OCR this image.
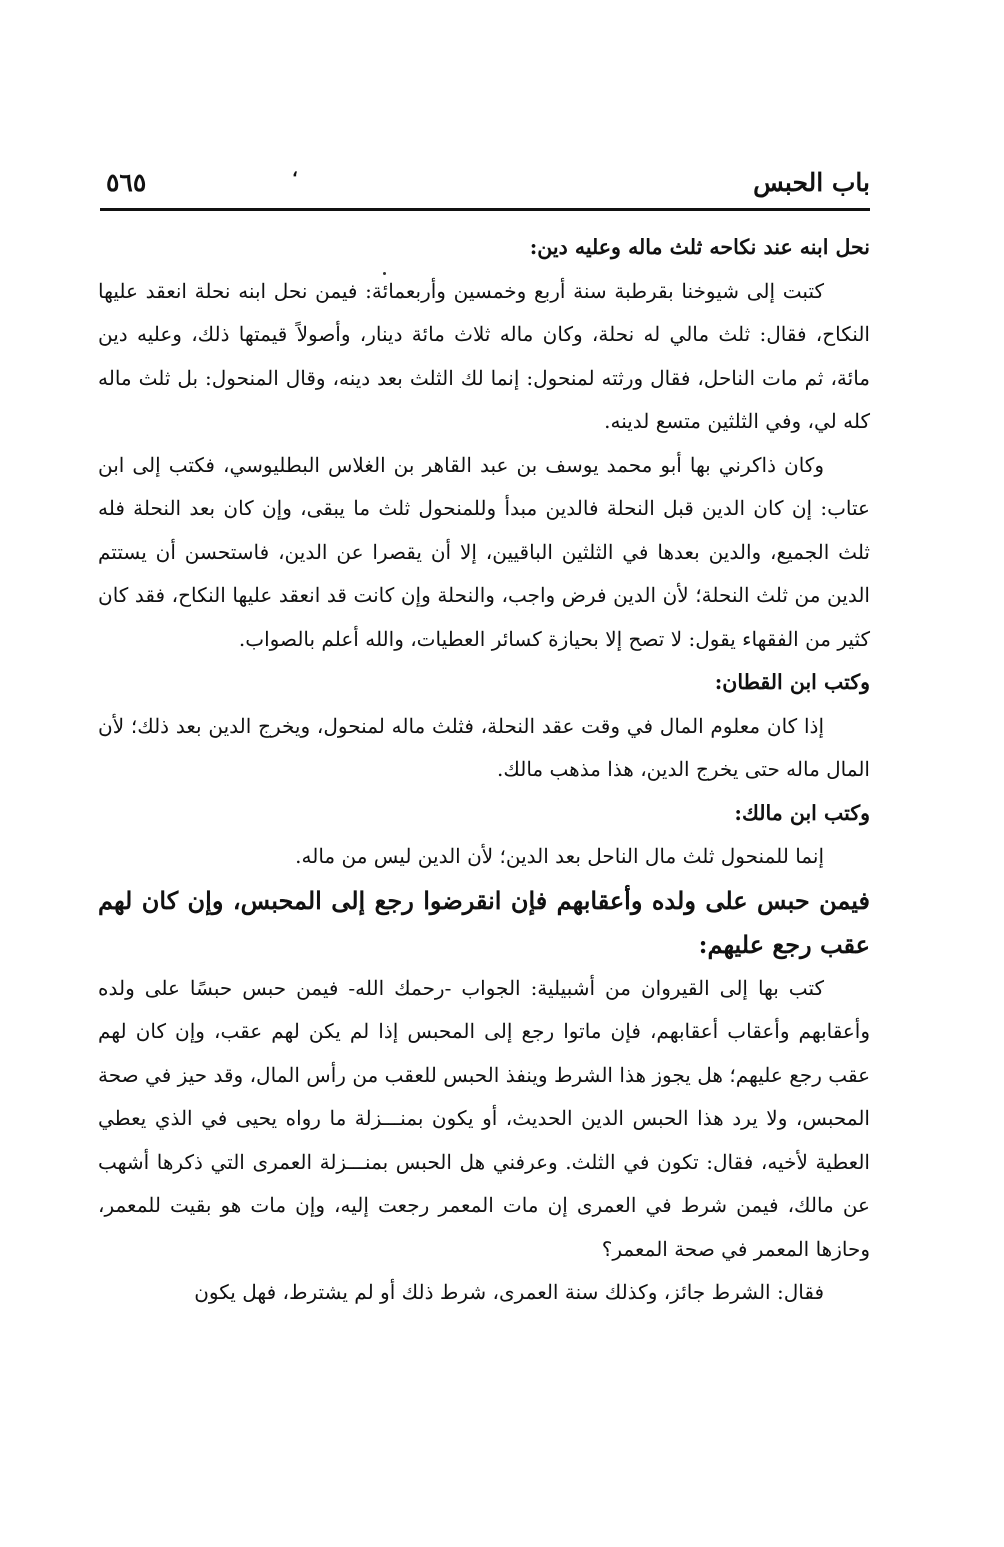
باب الحبس
،
٥٦٥

نحل ابنه عند نكاحه ثلث ماله وعليه دين:

كتبت إلى شيوخنا بقرطبة سنة أربع وخمسين وأربعمائة: فيمن نحل ابنه نحلة انعقد عليها النكاح، فقال: ثلث مالي له نحلة، وكان ماله ثلاث مائة دينار، وأصولاً قيمتها ذلك، وعليه دين مائة، ثم مات الناحل، فقال ورثته لمنحول: إنما لك الثلث بعد دينه، وقال المنحول: بل ثلث ماله كله لي، وفي الثلثين متسع لدينه.

وكان ذاكرني بها أبو محمد يوسف بن عبد القاهر بن الغلاس البطليوسي، فكتب إلى ابن عتاب: إن كان الدين قبل النحلة فالدين مبدأ وللمنحول ثلث ما يبقى، وإن كان بعد النحلة فله ثلث الجميع، والدين بعدها في الثلثين الباقيين، إلا أن يقصرا عن الدين، فاستحسن أن يستتم الدين من ثلث النحلة؛ لأن الدين فرض واجب، والنحلة وإن كانت قد انعقد عليها النكاح، فقد كان كثير من الفقهاء يقول: لا تصح إلا بحيازة كسائر العطيات، والله أعلم بالصواب.

وكتب ابن القطان:

إذا كان معلوم المال في وقت عقد النحلة، فثلث ماله لمنحول، ويخرج الدين بعد ذلك؛ لأن المال ماله حتى يخرج الدين، هذا مذهب مالك.

وكتب ابن مالك:

إنما للمنحول ثلث مال الناحل بعد الدين؛ لأن الدين ليس من ماله.

فيمن حبس على ولده وأعقابهم فإن انقرضوا رجع إلى المحبس، وإن كان لهم عقب رجع عليهم:

كتب بها إلى القيروان من أشبيلية: الجواب -رحمك الله- فيمن حبس حبسًا على ولده وأعقابهم وأعقاب أعقابهم، فإن ماتوا رجع إلى المحبس إذا لم يكن لهم عقب، وإن كان لهم عقب رجع عليهم؛ هل يجوز هذا الشرط وينفذ الحبس للعقب من رأس المال، وقد حيز في صحة المحبس، ولا يرد هذا الحبس الدين الحديث، أو يكون بمنـــزلة ما رواه يحيى في الذي يعطي العطية لأخيه، فقال: تكون في الثلث. وعرفني هل الحبس بمنـــزلة العمرى التي ذكرها أشهب عن مالك، فيمن شرط في العمرى إن مات المعمر رجعت إليه، وإن مات هو بقيت للمعمر، وحازها المعمر في صحة المعمر؟

فقال: الشرط جائز، وكذلك سنة العمرى، شرط ذلك أو لم يشترط، فهل يكون
